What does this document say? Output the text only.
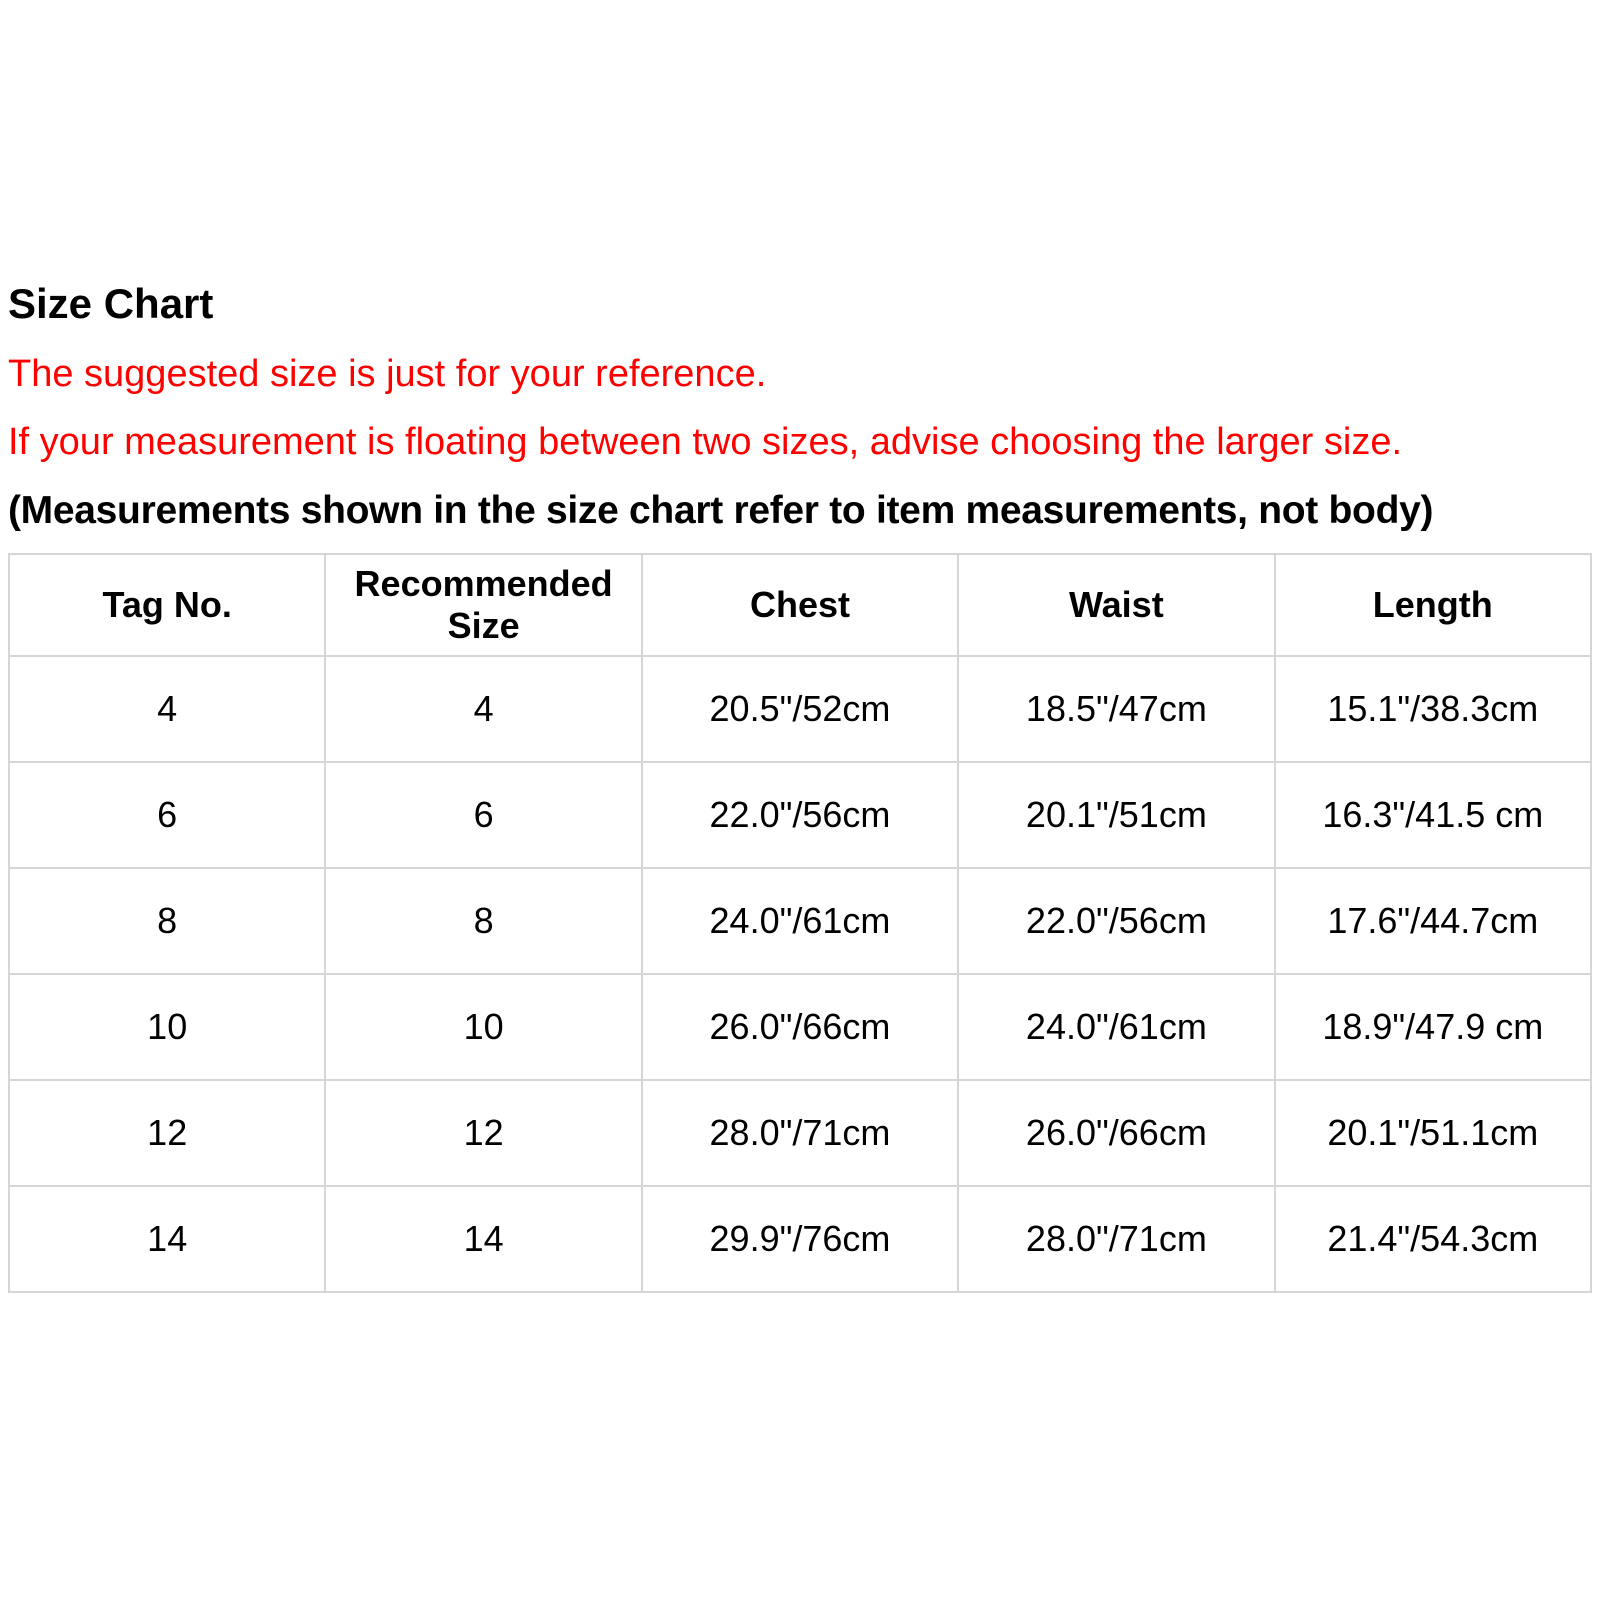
Size Chart

The suggested size is just for your reference.

If your measurement is floating between two sizes, advise choosing the larger size.

(Measurements shown in the size chart refer to item measurements, not body)

Tag No.	Recommended Size	Chest	Waist	Length
4	4	20.5"/52cm	18.5"/47cm	15.1"/38.3cm
6	6	22.0"/56cm	20.1"/51cm	16.3"/41.5 cm
8	8	24.0"/61cm	22.0"/56cm	17.6"/44.7cm
10	10	26.0"/66cm	24.0"/61cm	18.9"/47.9 cm
12	12	28.0"/71cm	26.0"/66cm	20.1"/51.1cm
14	14	29.9"/76cm	28.0"/71cm	21.4"/54.3cm
